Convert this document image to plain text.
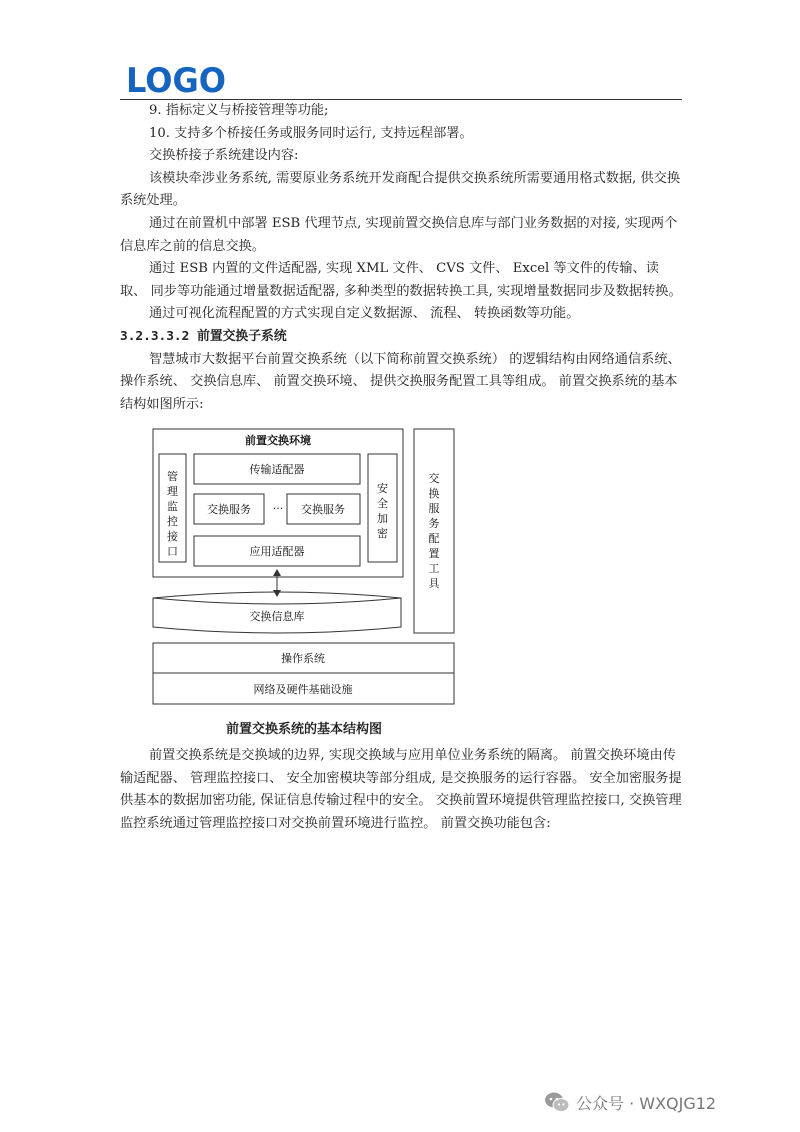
LOGO

9. 指标定义与桥接管理等功能;

10. 支持多个桥接任务或服务同时运行, 支持远程部署。

交换桥接子系统建设内容:

该模块牵涉业务系统, 需要原业务系统开发商配合提供交换系统所需要通用格式数据, 供交换系统处理。

通过在前置机中部署 ESB 代理节点, 实现前置交换信息库与部门业务数据的对接, 实现两个信息库之前的信息交换。

通过 ESB 内置的文件适配器, 实现 XML 文件、 CVS 文件、 Excel 等文件的传输、读取、 同步等功能通过增量数据适配器, 多种类型的数据转换工具, 实现增量数据同步及数据转换。

通过可视化流程配置的方式实现自定义数据源、 流程、 转换函数等功能。

3.2.3.3.2 前置交换子系统

智慧城市大数据平台前置交换系统（以下简称前置交换系统） 的逻辑结构由网络通信系统、 操作系统、 交换信息库、 前置交换环境、 提供交换服务配置工具等组成。 前置交换系统的基本结构如图所示:

前置交换环境
管
理
监
控
接
口
传输适配器
交换服务 ··· 交换服务
应用适配器
安
全
加
密
交换信息库
交
换
服
务
配
置
工
具
操作系统
网络及硬件基础设施
前置交换系统的基本结构图

前置交换系统是交换域的边界, 实现交换域与应用单位业务系统的隔离。 前置交换环境由传输适配器、 管理监控接口、 安全加密模块等部分组成, 是交换服务的运行容器。 安全加密服务提供基本的数据加密功能, 保证信息传输过程中的安全。 交换前置环境提供管理监控接口, 交换管理监控系统通过管理监控接口对交换前置环境进行监控。 前置交换功能包含:

公众号 · WXQJG12
